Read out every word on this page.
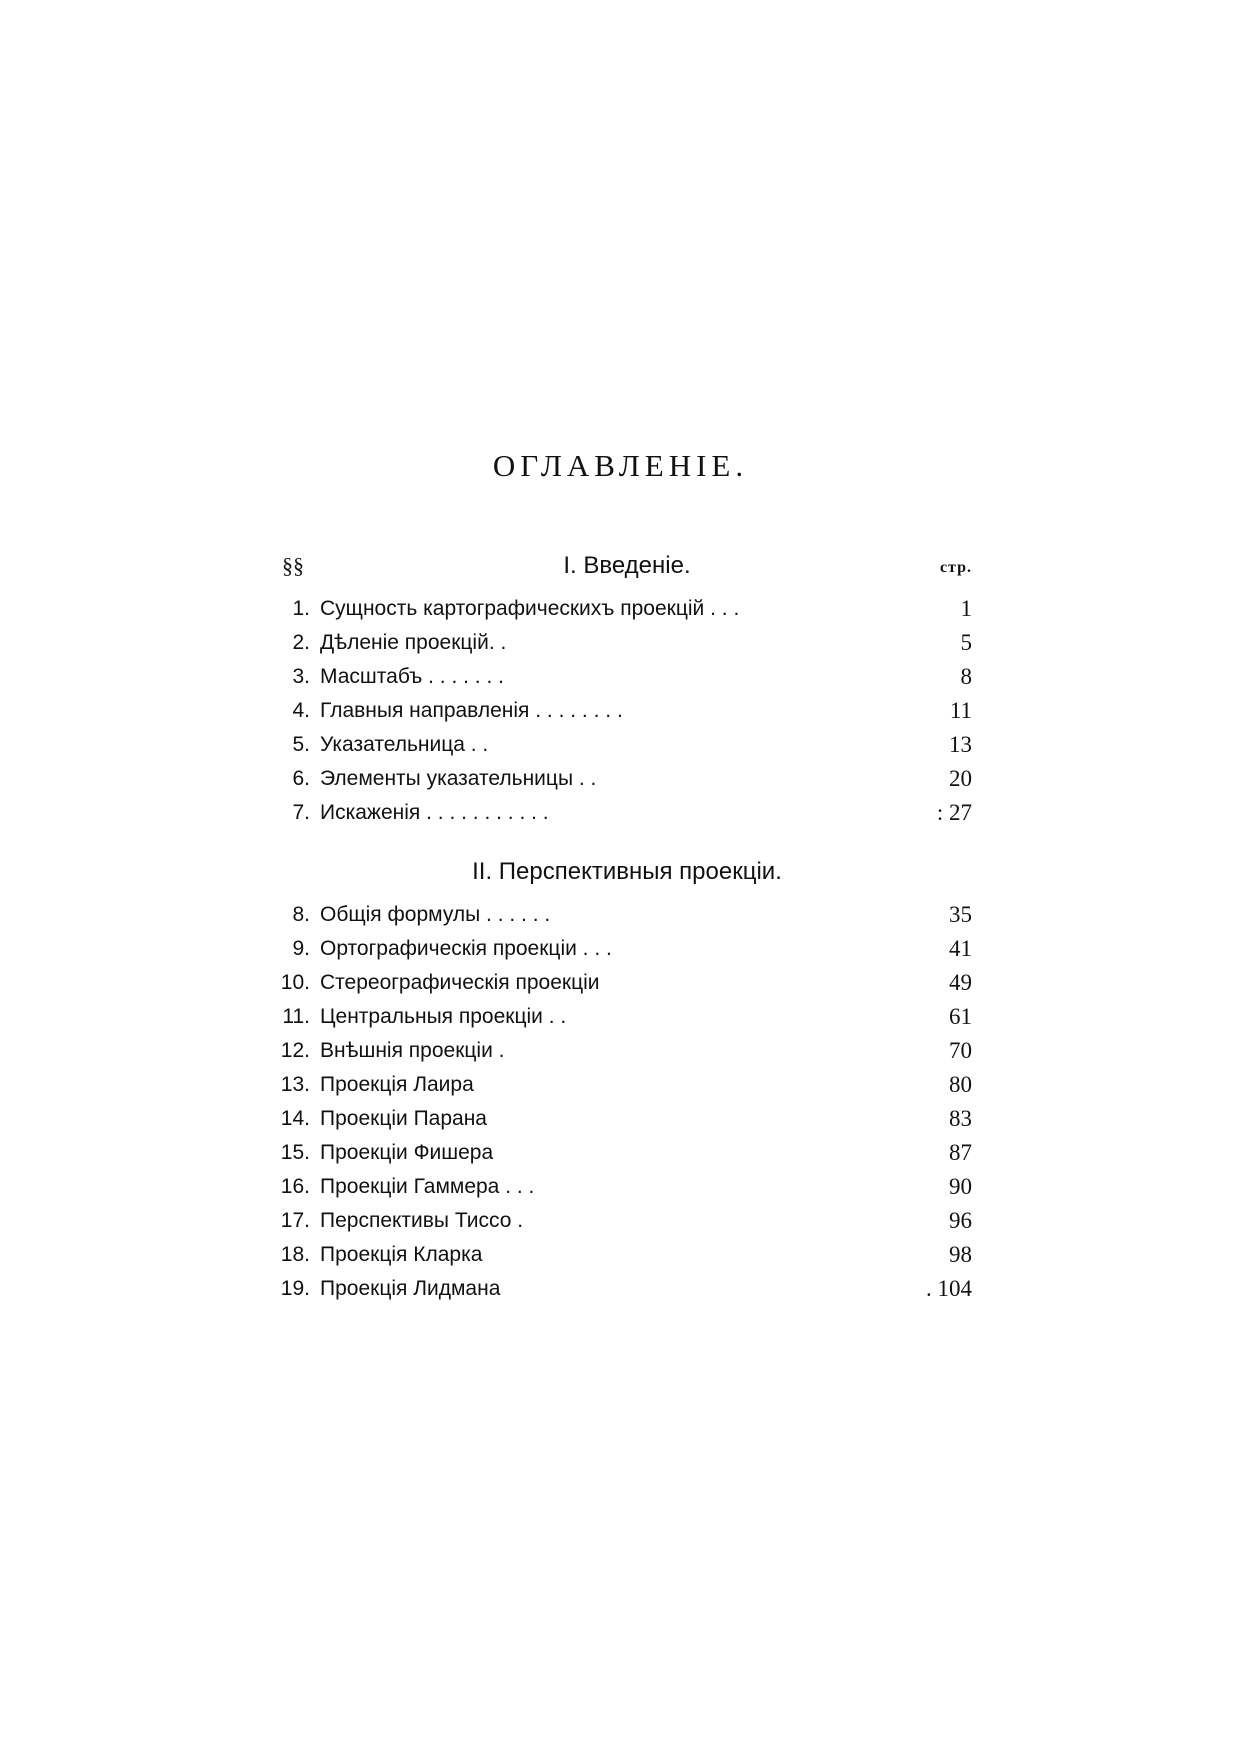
ОГЛАВЛЕНIЕ.
§§	I. Введенiе.	стр.
1. Сущность картографическихъ проекцiй . . .	1
2. Дѣленiе проекцiй. .	5
3. Масштабъ . . . . . . .	8
4. Главныя направленiя . . . . . . . .	11
5. Указательница . .	13
6. Элементы указательницы . .	20
7. Искаженiя . . . . . . . . . . .	: 27
II. Перспективныя проекцiи.
8. Общiя формулы . . . . . .	35
9. Ортографическiя проекцiи . . .	41
10. Стереографическiя проекцiи	49
11. Центральныя проекцiи . .	61
12. Внѣшнiя проекцiи .	70
13. Проекцiя Лаира	80
14. Проекцiи Парана	83
15. Проекцiи Фишера	87
16. Проекцiи Гаммера . . .	90
17. Перспективы Тиссо .	96
18. Проекцiя Кларка	98
19. Проекцiя Лидмана	. 104
